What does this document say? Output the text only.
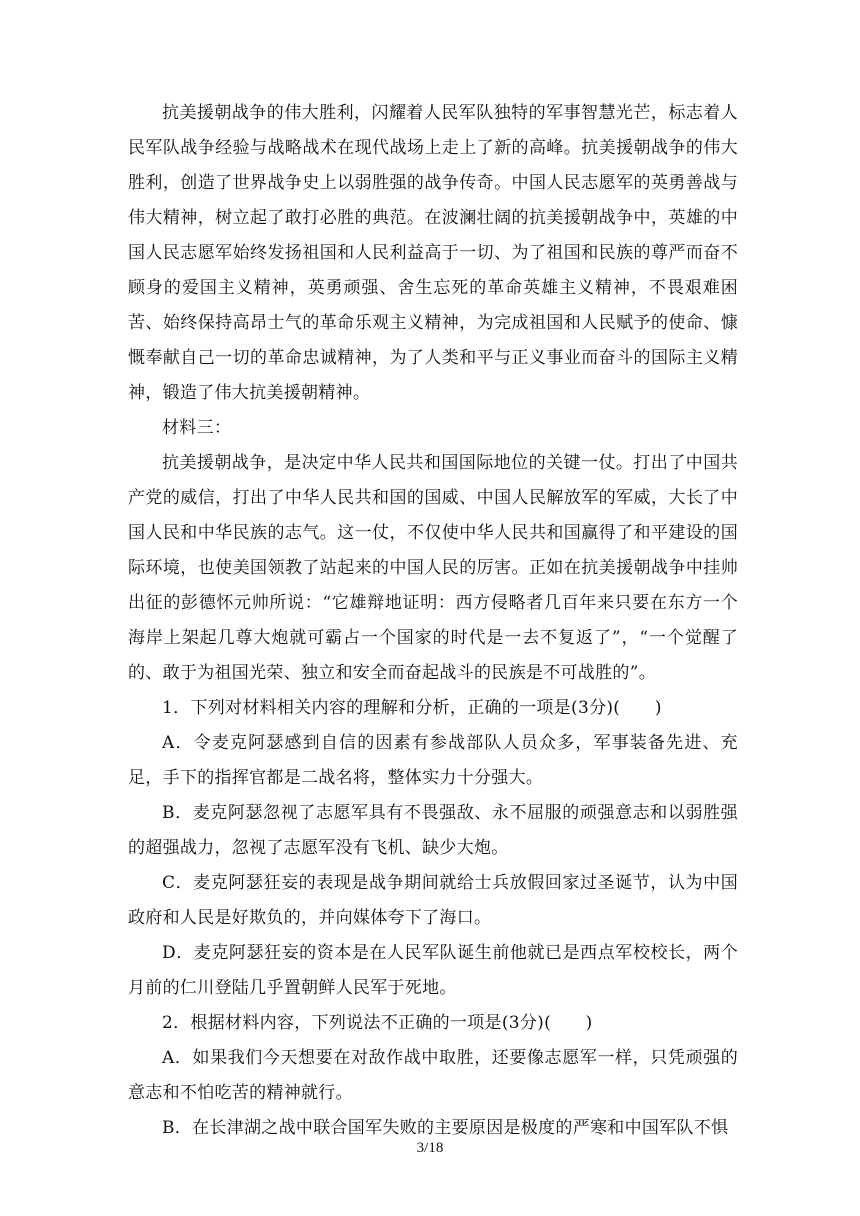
抗美援朝战争的伟大胜利，闪耀着人民军队独特的军事智慧光芒，标志着人民军队战争经验与战略战术在现代战场上走上了新的高峰。抗美援朝战争的伟大胜利，创造了世界战争史上以弱胜强的战争传奇。中国人民志愿军的英勇善战与伟大精神，树立起了敢打必胜的典范。在波澜壮阔的抗美援朝战争中，英雄的中国人民志愿军始终发扬祖国和人民利益高于一切、为了祖国和民族的尊严而奋不顾身的爱国主义精神，英勇顽强、舍生忘死的革命英雄主义精神，不畏艰难困苦、始终保持高昂士气的革命乐观主义精神，为完成祖国和人民赋予的使命、慷慨奉献自己一切的革命忠诚精神，为了人类和平与正义事业而奋斗的国际主义精神，锻造了伟大抗美援朝精神。

材料三：

抗美援朝战争，是决定中华人民共和国国际地位的关键一仗。打出了中国共产党的威信，打出了中华人民共和国的国威、中国人民解放军的军威，大长了中国人民和中华民族的志气。这一仗，不仅使中华人民共和国赢得了和平建设的国际环境，也使美国领教了站起来的中国人民的厉害。正如在抗美援朝战争中挂帅出征的彭德怀元帅所说：“它雄辩地证明：西方侵略者几百年来只要在东方一个海岸上架起几尊大炮就可霸占一个国家的时代是一去不复返了”，“一个觉醒了的、敢于为祖国光荣、独立和安全而奋起战斗的民族是不可战胜的”。

1．下列对材料相关内容的理解和分析，正确的一项是(3分)(　　)

A．令麦克阿瑟感到自信的因素有参战部队人员众多，军事装备先进、充足，手下的指挥官都是二战名将，整体实力十分强大。

B．麦克阿瑟忽视了志愿军具有不畏强敌、永不屈服的顽强意志和以弱胜强的超强战力，忽视了志愿军没有飞机、缺少大炮。

C．麦克阿瑟狂妄的表现是战争期间就给士兵放假回家过圣诞节，认为中国政府和人民是好欺负的，并向媒体夸下了海口。

D．麦克阿瑟狂妄的资本是在人民军队诞生前他就已是西点军校校长，两个月前的仁川登陆几乎置朝鲜人民军于死地。

2．根据材料内容，下列说法不正确的一项是(3分)(　　)

A．如果我们今天想要在对敌作战中取胜，还要像志愿军一样，只凭顽强的意志和不怕吃苦的精神就行。

B．在长津湖之战中联合国军失败的主要原因是极度的严寒和中国军队不惧

3/18
